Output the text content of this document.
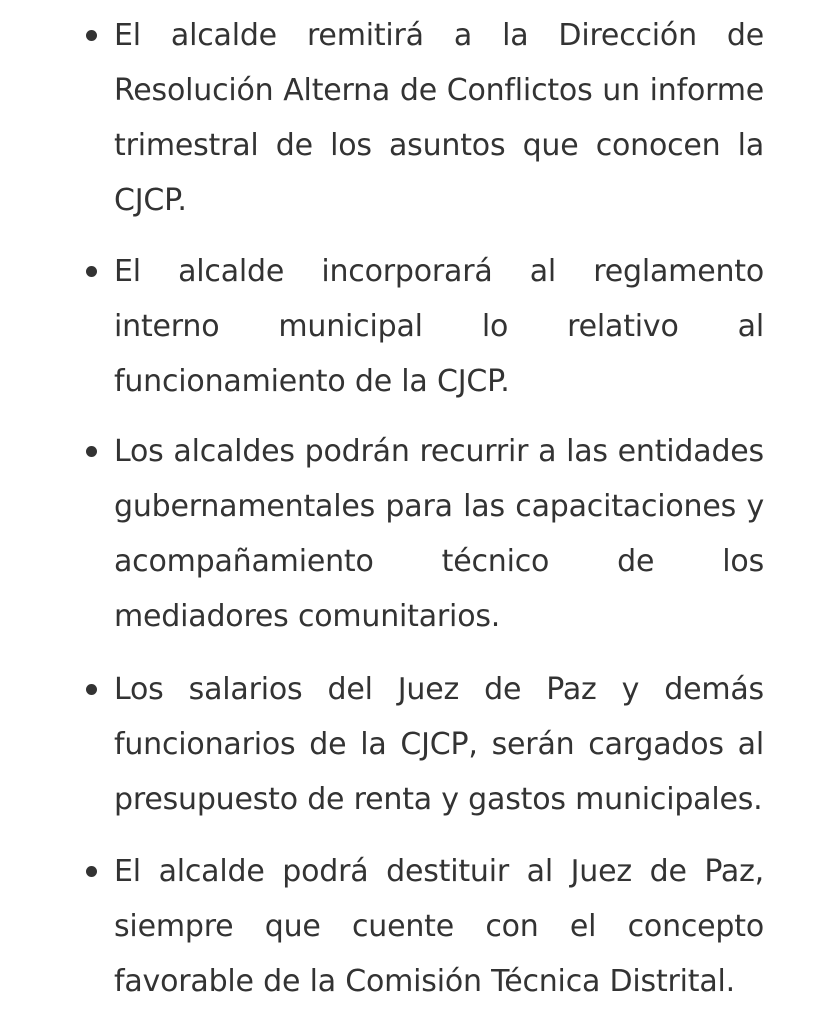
El alcalde remitirá a la Dirección de Resolución Alterna de Conflictos un informe trimestral de los asuntos que conocen la CJCP.

El alcalde incorporará al reglamento interno municipal lo relativo al funcionamiento de la CJCP.

Los alcaldes podrán recurrir a las entidades gubernamentales para las capacitaciones y acompañamiento técnico de los mediadores comunitarios.

Los salarios del Juez de Paz y demás funcionarios de la CJCP, serán cargados al presupuesto de renta y gastos municipales.

El alcalde podrá destituir al Juez de Paz, siempre que cuente con el concepto favorable de la Comisión Técnica Distrital.
